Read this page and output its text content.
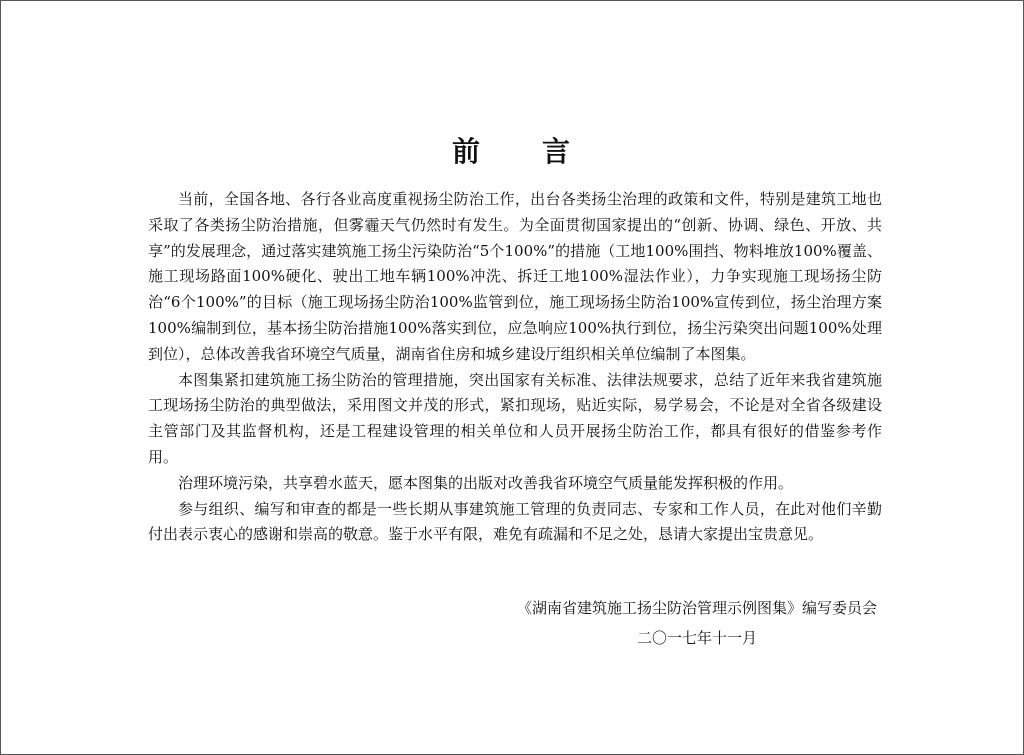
前　　言

当前，全国各地、各行各业高度重视扬尘防治工作，出台各类扬尘治理的政策和文件，特别是建筑工地也采取了各类扬尘防治措施，但雾霾天气仍然时有发生。为全面贯彻国家提出的“创新、协调、绿色、开放、共享”的发展理念，通过落实建筑施工扬尘污染防治“5个100%”的措施（工地100%围挡、物料堆放100%覆盖、施工现场路面100%硬化、驶出工地车辆100%冲洗、拆迁工地100%湿法作业），力争实现施工现场扬尘防治“6个100%”的目标（施工现场扬尘防治100%监管到位，施工现场扬尘防治100%宣传到位，扬尘治理方案100%编制到位，基本扬尘防治措施100%落实到位，应急响应100%执行到位，扬尘污染突出问题100%处理到位），总体改善我省环境空气质量，湖南省住房和城乡建设厅组织相关单位编制了本图集。

本图集紧扣建筑施工扬尘防治的管理措施，突出国家有关标准、法律法规要求，总结了近年来我省建筑施工现场扬尘防治的典型做法，采用图文并茂的形式，紧扣现场，贴近实际，易学易会，不论是对全省各级建设主管部门及其监督机构，还是工程建设管理的相关单位和人员开展扬尘防治工作，都具有很好的借鉴参考作用。

治理环境污染，共享碧水蓝天，愿本图集的出版对改善我省环境空气质量能发挥积极的作用。

参与组织、编写和审查的都是一些长期从事建筑施工管理的负责同志、专家和工作人员，在此对他们辛勤付出表示衷心的感谢和崇高的敬意。鉴于水平有限，难免有疏漏和不足之处，恳请大家提出宝贵意见。

《湖南省建筑施工扬尘防治管理示例图集》编写委员会
二〇一七年十一月
